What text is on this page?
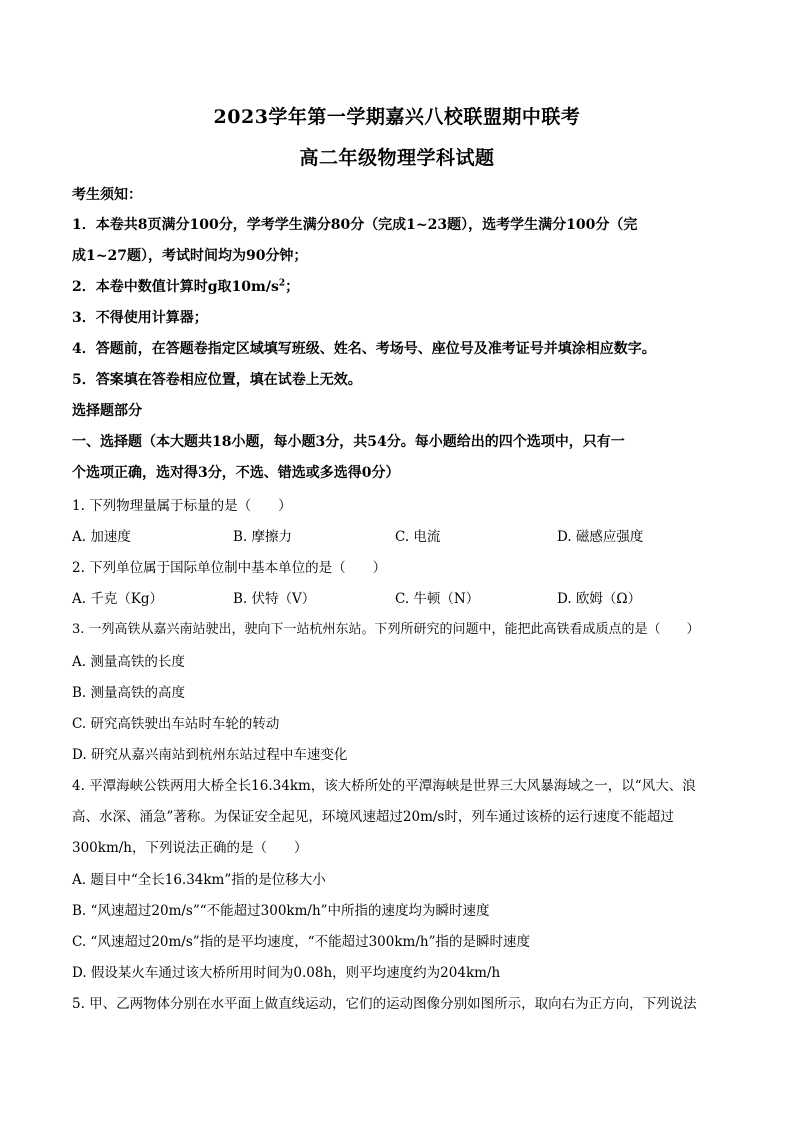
2023学年第一学期嘉兴八校联盟期中联考
高二年级物理学科试题
考生须知：
1．本卷共8页满分100分，学考学生满分80分（完成1~23题），选考学生满分100分（完
成1~27题），考试时间均为90分钟；
2．本卷中数值计算时g取$10m/s^2$；
3．不得使用计算器；
4．答题前，在答题卷指定区域填写班级、姓名、考场号、座位号及准考证号并填涂相应数字。
5．答案填在答卷相应位置，填在试卷上无效。
选择题部分
一、选择题（本大题共18小题，每小题3分，共54分。每小题给出的四个选项中，只有一
个选项正确，选对得3分，不选、错选或多选得0分）
1. 下列物理量属于标量的是（　　）
A. 加速度	B. 摩擦力	C. 电流	D. 磁感应强度
2. 下列单位属于国际单位制中基本单位的是（　　）
A. 千克（Kg）	B. 伏特（V）	C. 牛顿（N）	D. 欧姆（Ω）
3. 一列高铁从嘉兴南站驶出，驶向下一站杭州东站。下列所研究的问题中，能把此高铁看成质点的是（　　）
A. 测量高铁的长度
B. 测量高铁的高度
C. 研究高铁驶出车站时车轮的转动
D. 研究从嘉兴南站到杭州东站过程中车速变化
4. 平潭海峡公铁两用大桥全长16.34km，该大桥所处的平潭海峡是世界三大风暴海域之一，以“风大、浪
高、水深、涌急”著称。为保证安全起见，环境风速超过20m/s时，列车通过该桥的运行速度不能超过
300km/h，下列说法正确的是（　　）
A. 题目中“全长16.34km”指的是位移大小
B. “风速超过20m/s”“不能超过300km/h”中所指的速度均为瞬时速度
C. “风速超过20m/s”指的是平均速度，“不能超过300km/h”指的是瞬时速度
D. 假设某火车通过该大桥所用时间为0.08h，则平均速度约为204km/h
5. 甲、乙两物体分别在水平面上做直线运动，它们的运动图像分别如图所示，取向右为正方向，下列说法
